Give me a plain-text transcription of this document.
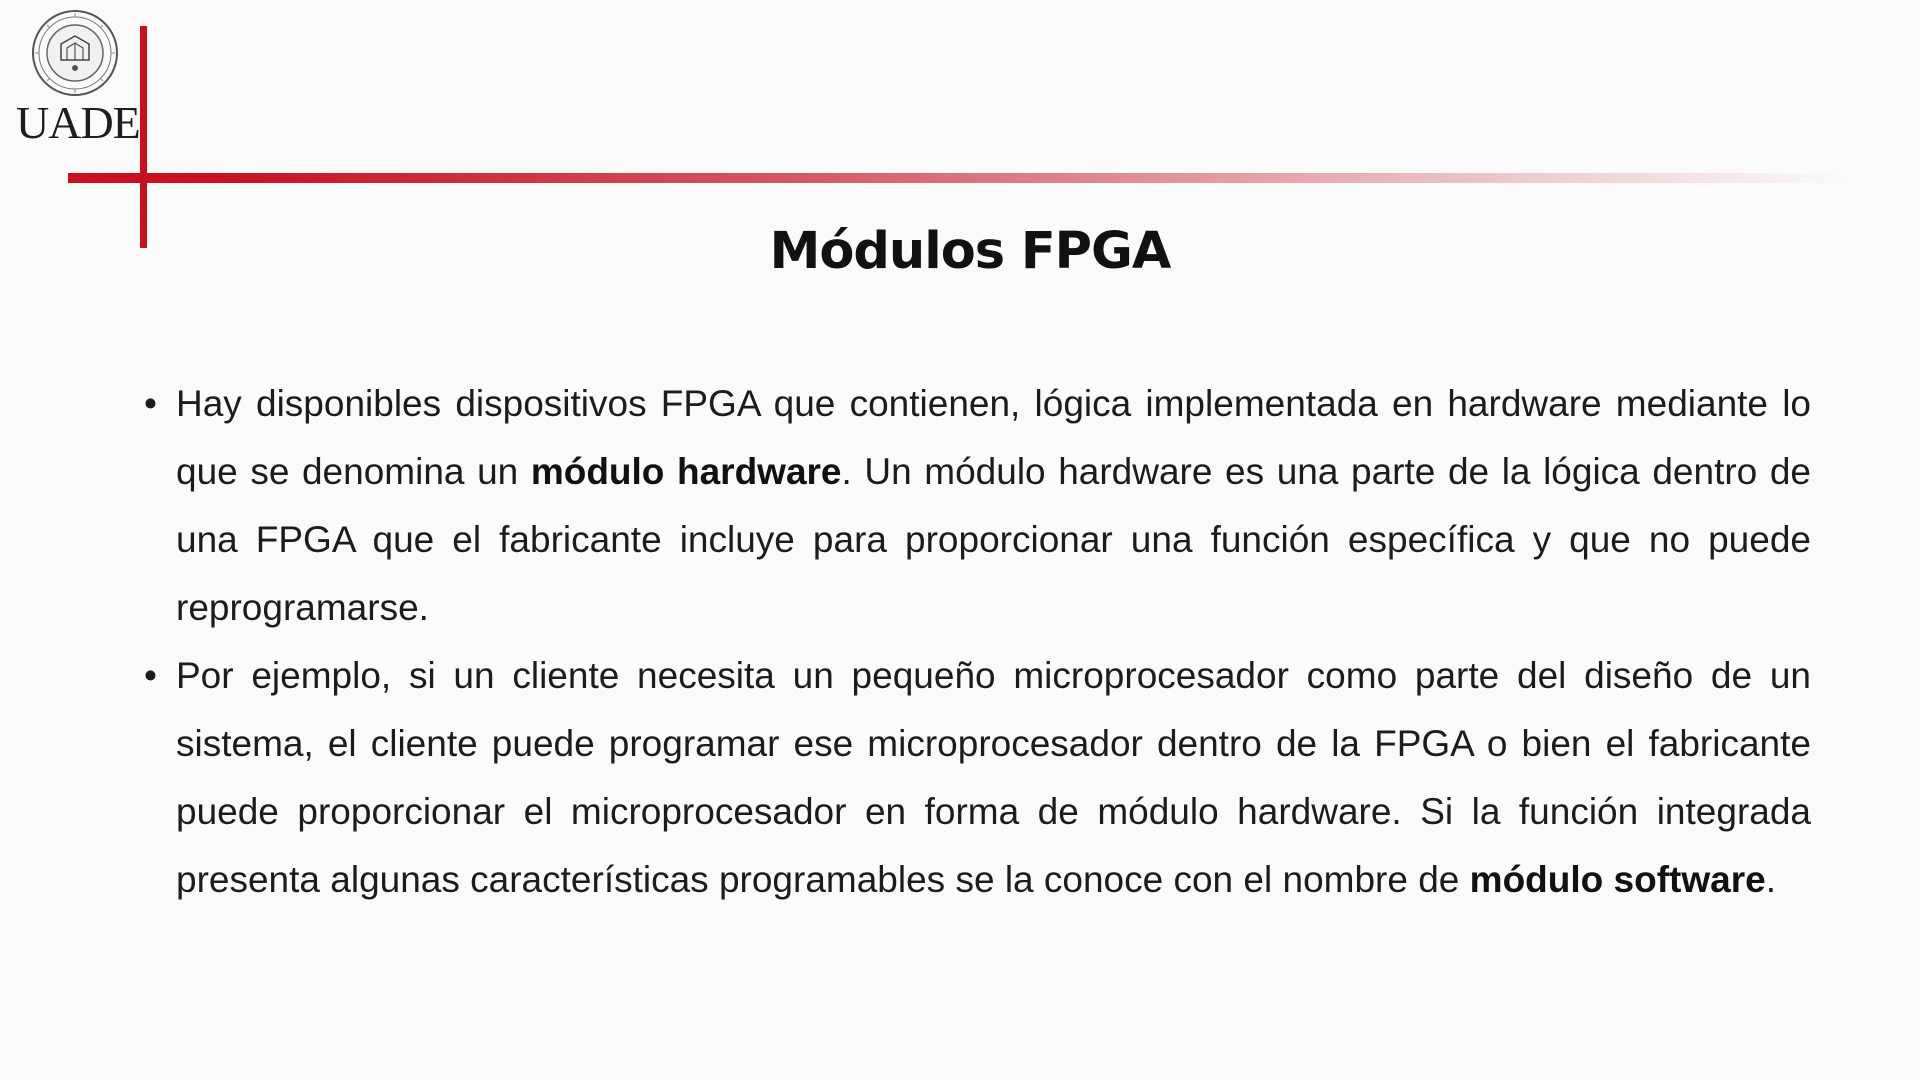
UADE
Módulos FPGA
• Hay disponibles dispositivos FPGA que contienen, lógica implementada en hardware mediante lo que se denomina un módulo hardware. Un módulo hardware es una parte de la lógica dentro de una FPGA que el fabricante incluye para proporcionar una función específica y que no puede reprogramarse.
• Por ejemplo, si un cliente necesita un pequeño microprocesador como parte del diseño de un sistema, el cliente puede programar ese microprocesador dentro de la FPGA o bien el fabricante puede proporcionar el microprocesador en forma de módulo hardware. Si la función integrada presenta algunas características programables se la conoce con el nombre de módulo software.
